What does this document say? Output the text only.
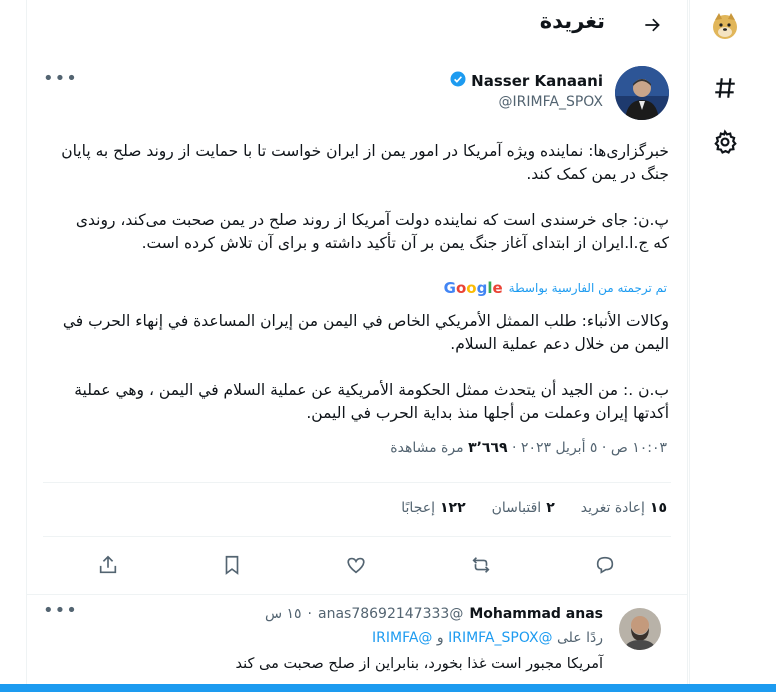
تغريدة
Nasser Kanaani
@IRIMFA_SPOX
•••

خبرگزاری‌ها: نماینده ویژه آمریکا در امور یمن از ایران خواست تا با حمایت از روند صلح به پایان جنگ در یمن کمک کند.

پ.ن: جای خرسندی است که نماینده دولت آمریکا از روند صلح در یمن صحبت می‌کند، روندی که ج.ا.ایران از ابتدای آغاز جنگ یمن بر آن تأکید داشته و برای آن تلاش کرده است.

تم ترجمته من الفارسية بواسطة
Google

وكالات الأنباء: طلب الممثل الأمريكي الخاص في اليمن من إيران المساعدة في إنهاء الحرب في اليمن من خلال دعم عملية السلام.

ب.ن .: من الجيد أن يتحدث ممثل الحكومة الأمريكية عن عملية السلام في اليمن ، وهي عملية أكدتها إيران وعملت من أجلها منذ بداية الحرب في اليمن.

١٠:٠٣ ص · ٥ أبريل ٢٠٢٣ · ٣٬٦٦٩ مرة مشاهدة
١٥إعادة تغريد
٢اقتباسان
١٢٢إعجابًا
Mohammad anas
@anas78692147333
·
١٥ س
•••
ردًا على @IRIMFA_SPOX و @IRIMFA
آمریکا مجبور است غذا بخورد، بنابراین از صلح صحبت می کند
